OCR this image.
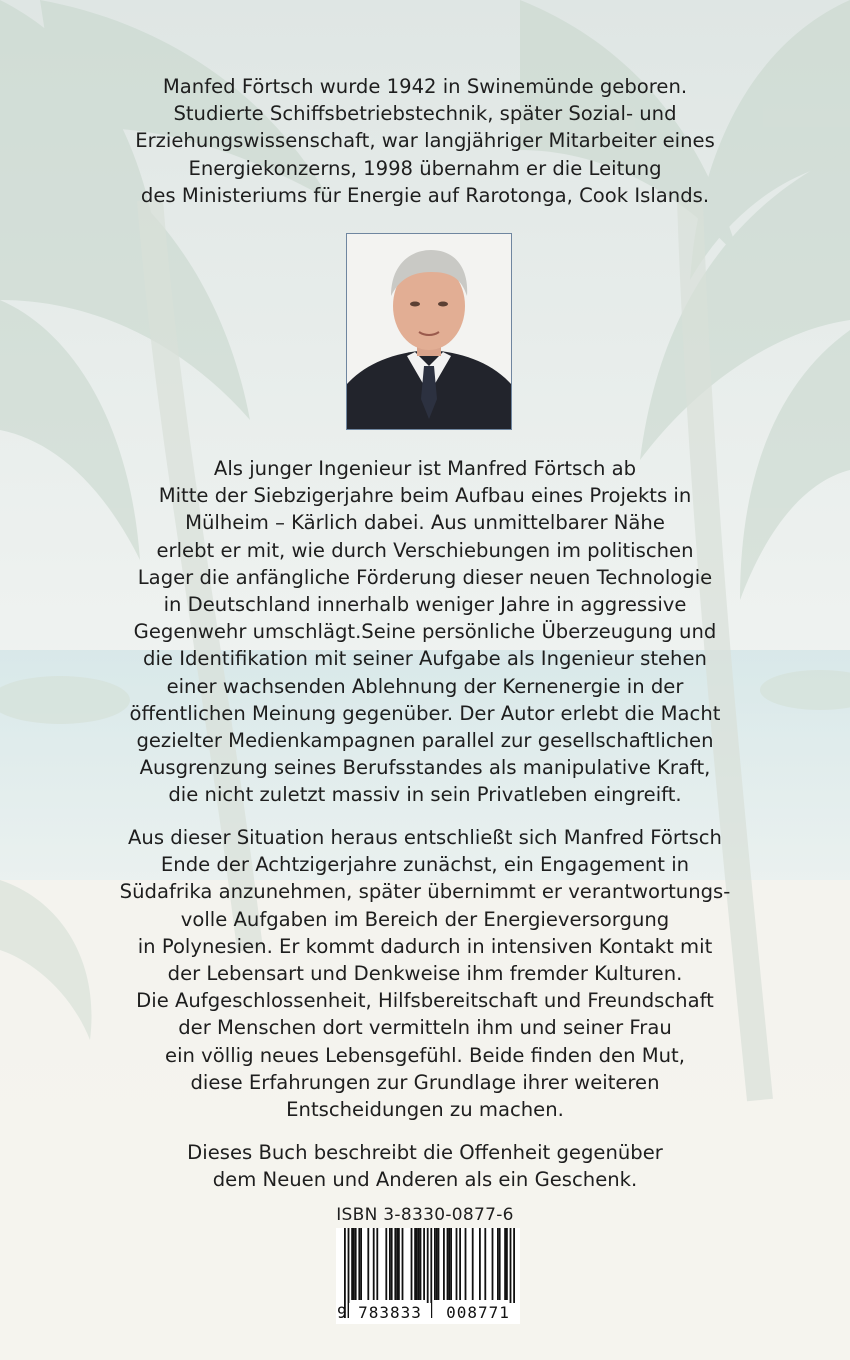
Manfed Förtsch wurde 1942 in Swinemünde geboren.
Studierte Schiffsbetriebstechnik, später Sozial- und
Erziehungswissenschaft, war langjähriger Mitarbeiter eines
Energiekonzerns, 1998 übernahm er die Leitung
des Ministeriums für Energie auf Rarotonga, Cook Islands.

Als junger Ingenieur ist Manfred Förtsch ab
Mitte der Siebzigerjahre beim Aufbau eines Projekts in
Mülheim – Kärlich dabei. Aus unmittelbarer Nähe
erlebt er mit, wie durch Verschiebungen im politischen
Lager die anfängliche Förderung dieser neuen Technologie
in Deutschland innerhalb weniger Jahre in aggressive
Gegenwehr umschlägt.Seine persönliche Überzeugung und
die Identifikation mit seiner Aufgabe als Ingenieur stehen
einer wachsenden Ablehnung der Kernenergie in der
öffentlichen Meinung gegenüber. Der Autor erlebt die Macht
gezielter Medienkampagnen parallel zur gesellschaftlichen
Ausgrenzung seines Berufsstandes als manipulative Kraft,
die nicht zuletzt massiv in sein Privatleben eingreift.

Aus dieser Situation heraus entschließt sich Manfred Förtsch
Ende der Achtzigerjahre zunächst, ein Engagement in
Südafrika anzunehmen, später übernimmt er verantwortungs-
volle Aufgaben im Bereich der Energieversorgung
in Polynesien. Er kommt dadurch in intensiven Kontakt mit
der Lebensart und Denkweise ihm fremder Kulturen.
Die Aufgeschlossenheit, Hilfsbereitschaft und Freundschaft
der Menschen dort vermitteln ihm und seiner Frau
ein völlig neues Lebensgefühl. Beide finden den Mut,
diese Erfahrungen zur Grundlage ihrer weiteren
Entscheidungen zu machen.

Dieses Buch beschreibt die Offenheit gegenüber
dem Neuen und Anderen als ein Geschenk.

ISBN 3-8330-0877-6
9 783833	008771
